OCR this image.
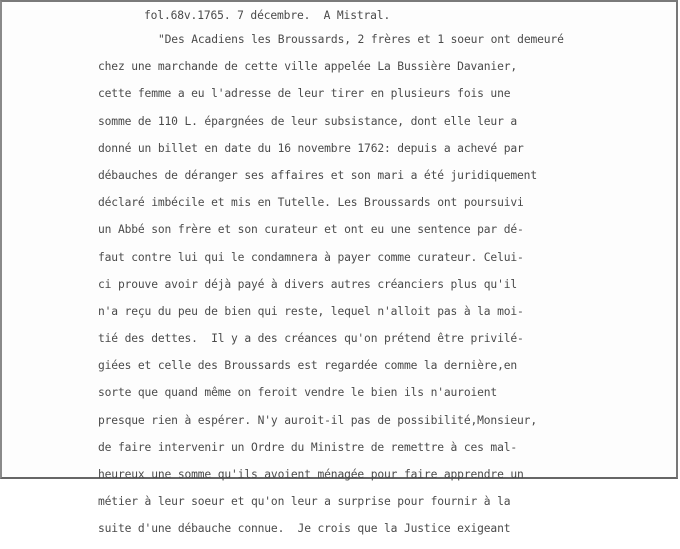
fol.68v.1765. 7 décembre.  A Mistral.
"Des Acadiens les Broussards, 2 frères et 1 soeur ont demeuré
chez une marchande de cette ville appelée La Bussière Davanier,
cette femme a eu l'adresse de leur tirer en plusieurs fois une
somme de 110 L. épargnées de leur subsistance, dont elle leur a
donné un billet en date du 16 novembre 1762: depuis a achevé par
débauches de déranger ses affaires et son mari a été juridiquement
déclaré imbécile et mis en Tutelle. Les Broussards ont poursuivi
un Abbé son frère et son curateur et ont eu une sentence par dé-
faut contre lui qui le condamnera à payer comme curateur. Celui-
ci prouve avoir déjà payé à divers autres créanciers plus qu'il
n'a reçu du peu de bien qui reste, lequel n'alloit pas à la moi-
tié des dettes.  Il y a des créances qu'on prétend être privilé-
giées et celle des Broussards est regardée comme la dernière,en
sorte que quand même on feroit vendre le bien ils n'auroient
presque rien à espérer. N'y auroit-il pas de possibilité,Monsieur,
de faire intervenir un Ordre du Ministre de remettre à ces mal-
heureux une somme qu'ils avoient ménagée pour faire apprendre un
métier à leur soeur et qu'on leur a surprise pour fournir à la
suite d'une débauche connue.  Je crois que la Justice exigeant
